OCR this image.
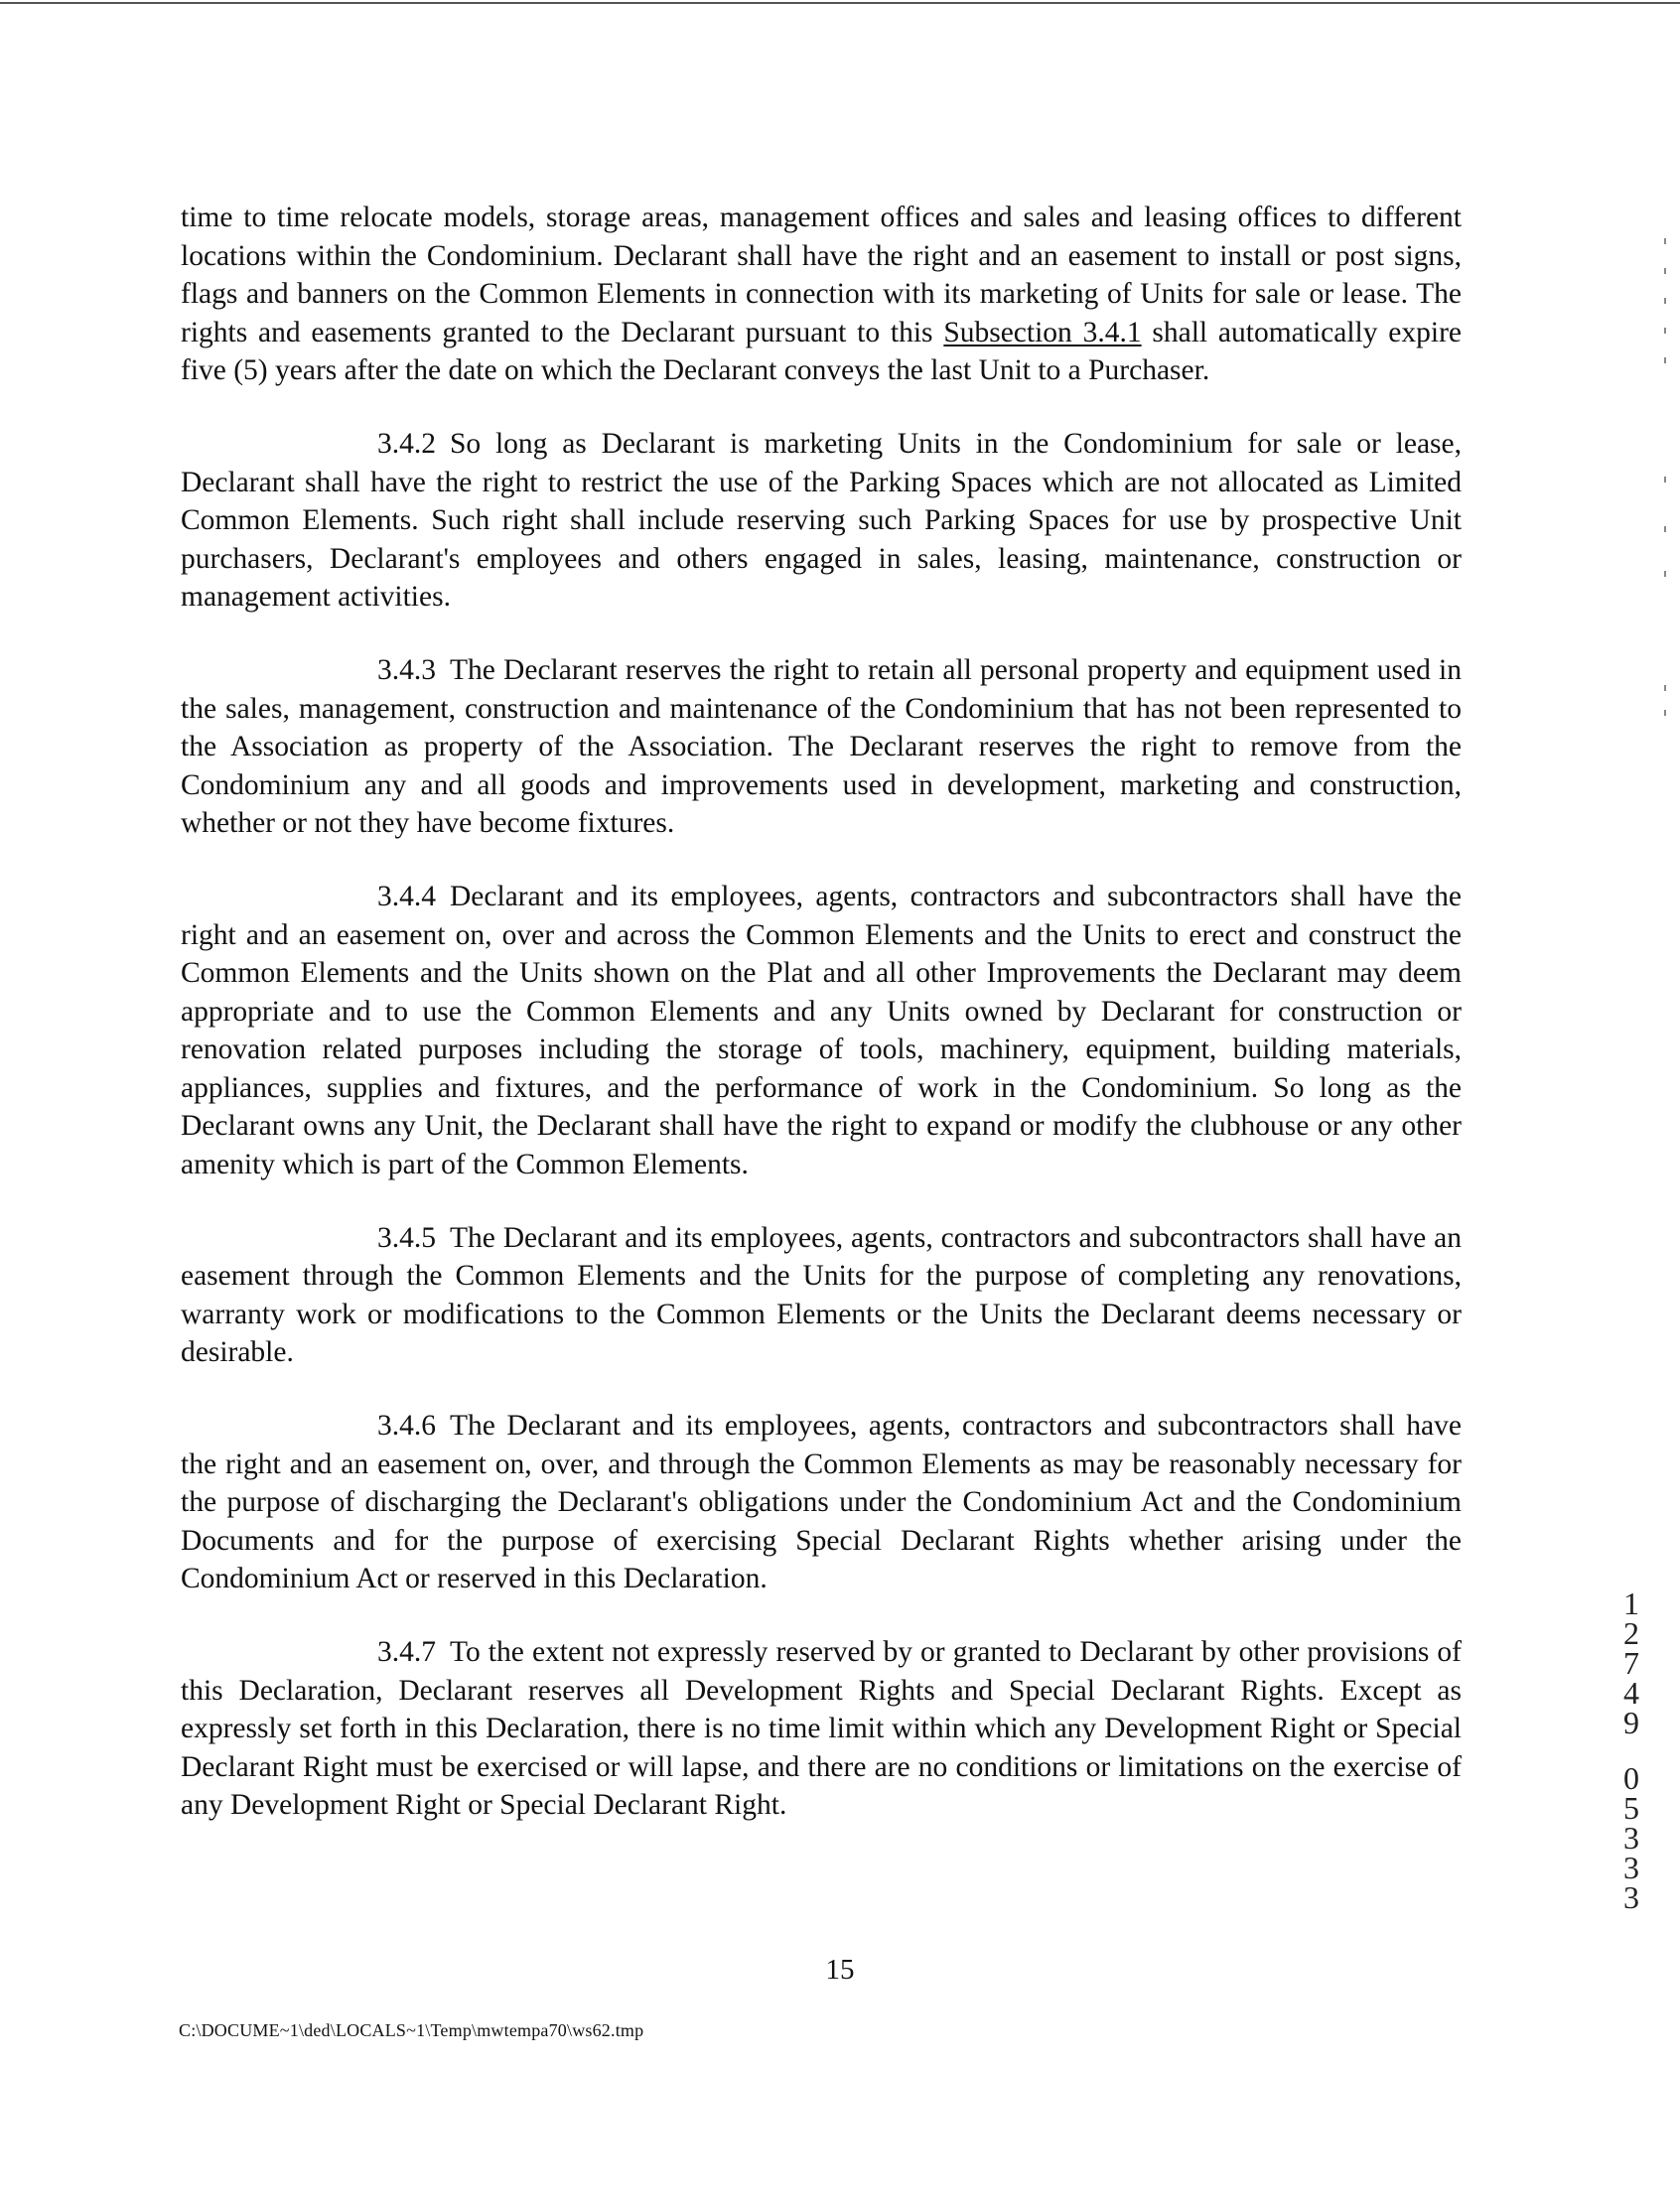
time to time relocate models, storage areas, management offices and sales and leasing offices to different locations within the Condominium. Declarant shall have the right and an easement to install or post signs, flags and banners on the Common Elements in connection with its marketing of Units for sale or lease. The rights and easements granted to the Declarant pursuant to this Subsection 3.4.1 shall automatically expire five (5) years after the date on which the Declarant conveys the last Unit to a Purchaser.

3.4.2 So long as Declarant is marketing Units in the Condominium for sale or lease, Declarant shall have the right to restrict the use of the Parking Spaces which are not allocated as Limited Common Elements. Such right shall include reserving such Parking Spaces for use by prospective Unit purchasers, Declarant's employees and others engaged in sales, leasing, maintenance, construction or management activities.

3.4.3 The Declarant reserves the right to retain all personal property and equipment used in the sales, management, construction and maintenance of the Condominium that has not been represented to the Association as property of the Association. The Declarant reserves the right to remove from the Condominium any and all goods and improvements used in development, marketing and construction, whether or not they have become fixtures.

3.4.4 Declarant and its employees, agents, contractors and subcontractors shall have the right and an easement on, over and across the Common Elements and the Units to erect and construct the Common Elements and the Units shown on the Plat and all other Improvements the Declarant may deem appropriate and to use the Common Elements and any Units owned by Declarant for construction or renovation related purposes including the storage of tools, machinery, equipment, building materials, appliances, supplies and fixtures, and the performance of work in the Condominium. So long as the Declarant owns any Unit, the Declarant shall have the right to expand or modify the clubhouse or any other amenity which is part of the Common Elements.

3.4.5 The Declarant and its employees, agents, contractors and subcontractors shall have an easement through the Common Elements and the Units for the purpose of completing any renovations, warranty work or modifications to the Common Elements or the Units the Declarant deems necessary or desirable.

3.4.6 The Declarant and its employees, agents, contractors and subcontractors shall have the right and an easement on, over, and through the Common Elements as may be reasonably necessary for the purpose of discharging the Declarant's obligations under the Condominium Act and the Condominium Documents and for the purpose of exercising Special Declarant Rights whether arising under the Condominium Act or reserved in this Declaration.

3.4.7 To the extent not expressly reserved by or granted to Declarant by other provisions of this Declaration, Declarant reserves all Development Rights and Special Declarant Rights. Except as expressly set forth in this Declaration, there is no time limit within which any Development Right or Special Declarant Right must be exercised or will lapse, and there are no conditions or limitations on the exercise of any Development Right or Special Declarant Right.

15
C:\DOCUME~1\ded\LOCALS~1\Temp\mwtempa70\ws62.tmp
1
2
7
4
9
0
5
3
3
3
